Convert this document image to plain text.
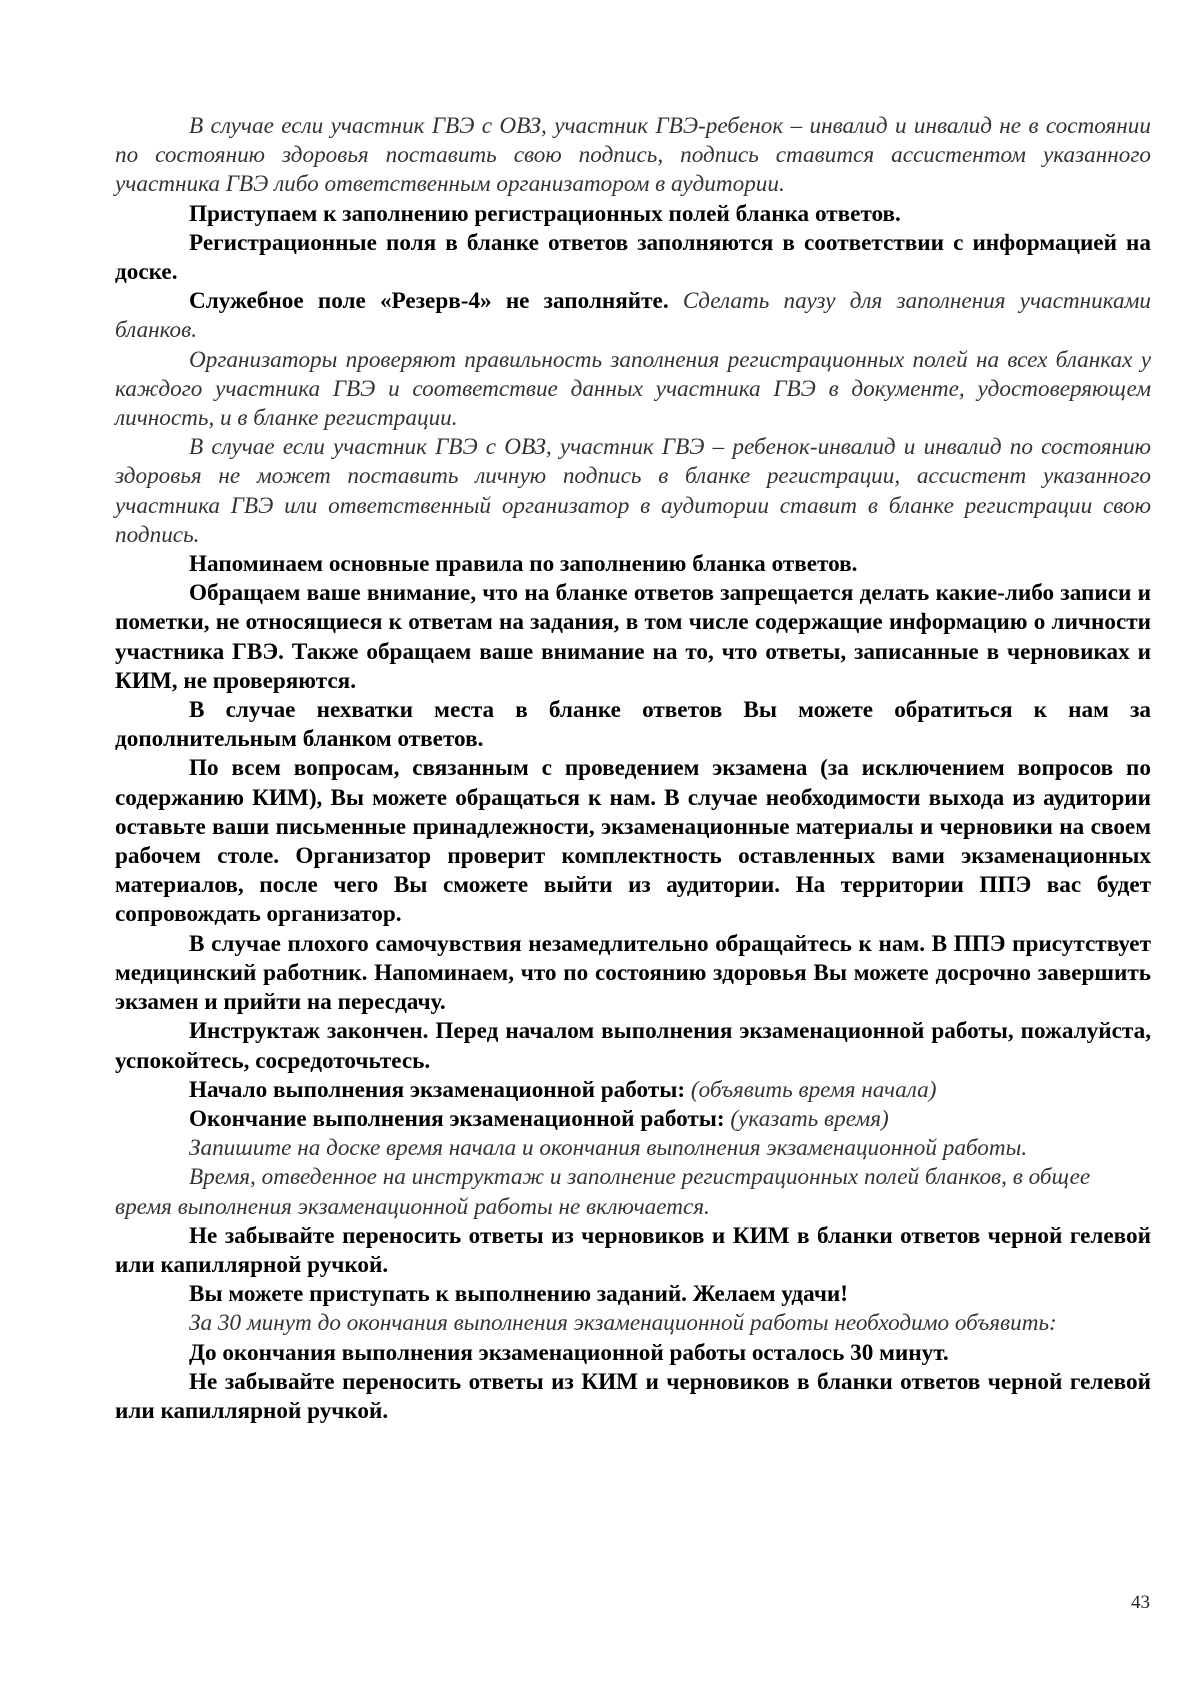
В случае если участник ГВЭ с ОВЗ, участник ГВЭ-ребенок – инвалид и инвалид не в состоянии по состоянию здоровья поставить свою подпись, подпись ставится ассистентом указанного участника ГВЭ либо ответственным организатором в аудитории.

Приступаем к заполнению регистрационных полей бланка ответов.

Регистрационные поля в бланке ответов заполняются в соответствии с информацией на доске.

Служебное поле «Резерв-4» не заполняйте. Сделать паузу для заполнения участниками бланков.

Организаторы проверяют правильность заполнения регистрационных полей на всех бланках у каждого участника ГВЭ и соответствие данных участника ГВЭ в документе, удостоверяющем личность, и в бланке регистрации.

В случае если участник ГВЭ с ОВЗ, участник ГВЭ – ребенок-инвалид и инвалид по состоянию здоровья не может поставить личную подпись в бланке регистрации, ассистент указанного участника ГВЭ или ответственный организатор в аудитории ставит в бланке регистрации свою подпись.

Напоминаем основные правила по заполнению бланка ответов.

Обращаем ваше внимание, что на бланке ответов запрещается делать какие-либо записи и пометки, не относящиеся к ответам на задания, в том числе содержащие информацию о личности участника ГВЭ. Также обращаем ваше внимание на то, что ответы, записанные в черновиках и КИМ, не проверяются.

В случае нехватки места в бланке ответов Вы можете обратиться к нам за дополнительным бланком ответов.

По всем вопросам, связанным с проведением экзамена (за исключением вопросов по содержанию КИМ), Вы можете обращаться к нам. В случае необходимости выхода из аудитории оставьте ваши письменные принадлежности, экзаменационные материалы и черновики на своем рабочем столе. Организатор проверит комплектность оставленных вами экзаменационных материалов, после чего Вы сможете выйти из аудитории. На территории ППЭ вас будет сопровождать организатор.

В случае плохого самочувствия незамедлительно обращайтесь к нам. В ППЭ присутствует медицинский работник. Напоминаем, что по состоянию здоровья Вы можете досрочно завершить экзамен и прийти на пересдачу.

Инструктаж закончен. Перед началом выполнения экзаменационной работы, пожалуйста, успокойтесь, сосредоточьтесь.

Начало выполнения экзаменационной работы: (объявить время начала)

Окончание выполнения экзаменационной работы: (указать время)

Запишите на доске время начала и окончания выполнения экзаменационной работы.

Время, отведенное на инструктаж и заполнение регистрационных полей бланков, в общее время выполнения экзаменационной работы не включается.

Не забывайте переносить ответы из черновиков и КИМ в бланки ответов черной гелевой или капиллярной ручкой.

Вы можете приступать к выполнению заданий. Желаем удачи!

За 30 минут до окончания выполнения экзаменационной работы необходимо объявить:

До окончания выполнения экзаменационной работы осталось 30 минут.

Не забывайте переносить ответы из КИМ и черновиков в бланки ответов черной гелевой или капиллярной ручкой.

43
